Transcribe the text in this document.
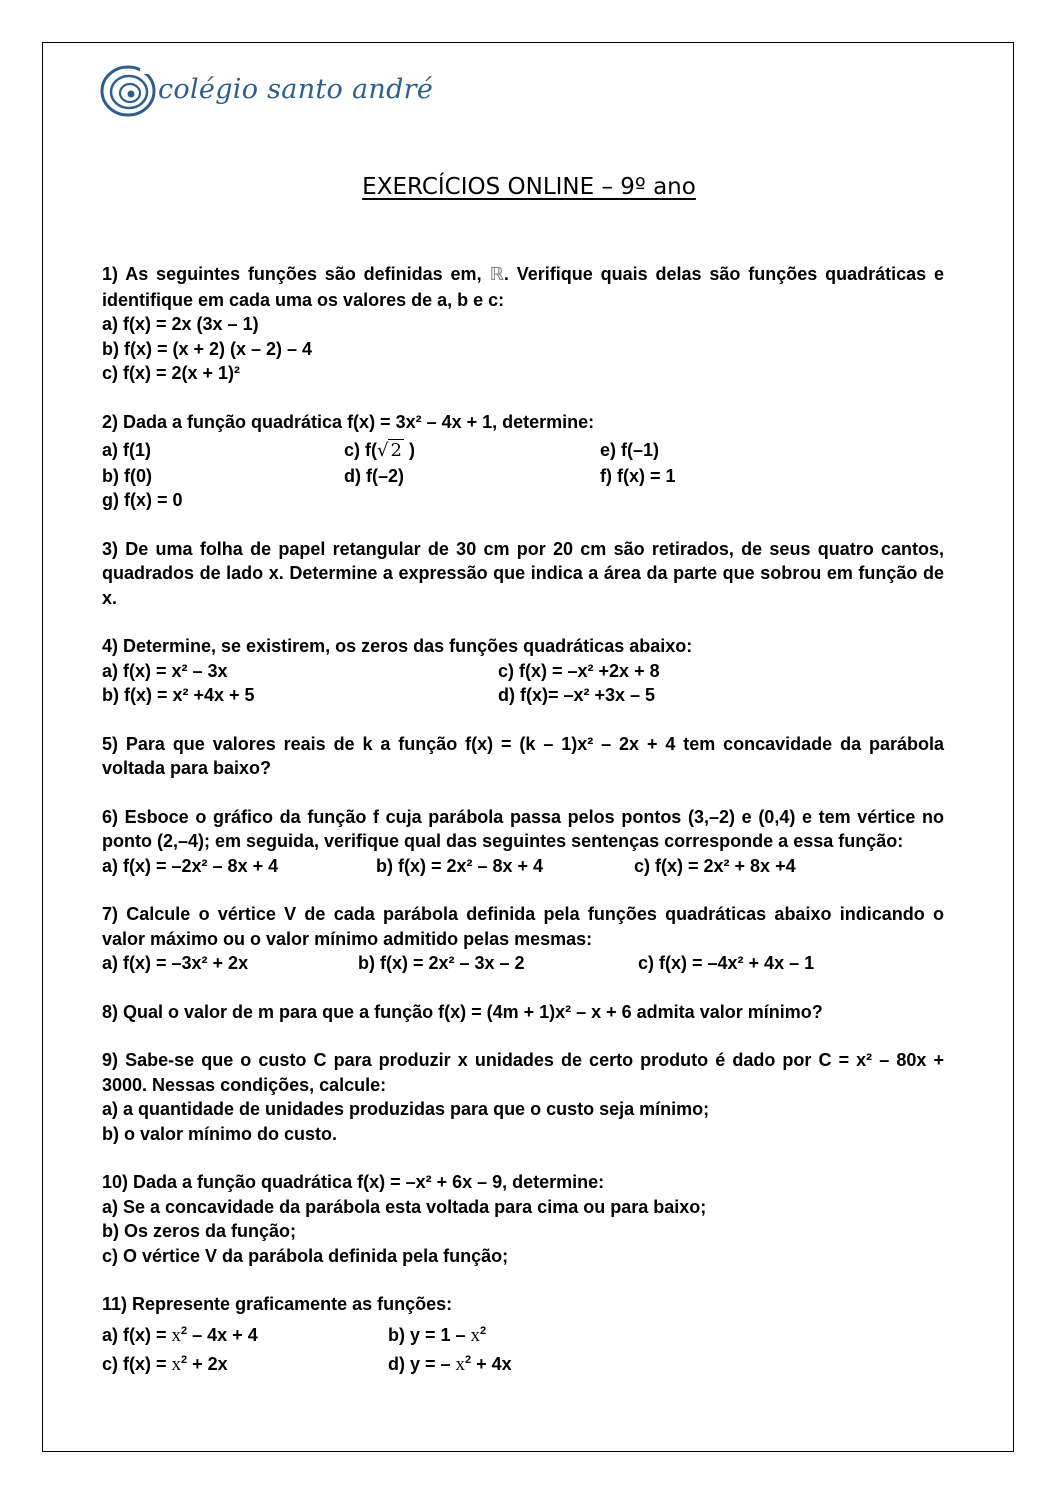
colégio santo andré
EXERCÍCIOS ONLINE – 9º ano
1) As seguintes funções são definidas em, ℝ. Verifique quais delas são funções quadráticas e identifique em cada uma os valores de a, b e c:
a) f(x) = 2x (3x – 1)
b) f(x) = (x + 2) (x – 2) – 4
c) f(x) = 2(x + 1)²
2) Dada a função quadrática f(x) = 3x² – 4x + 1, determine:
a) f(1)	c) f(√ 2 )	e) f(–1)
b) f(0)	d) f(–2)	f) f(x) = 1
g) f(x) = 0
3) De uma folha de papel retangular de 30 cm por 20 cm são retirados, de seus quatro cantos, quadrados de lado x. Determine a expressão que indica a área da parte que sobrou em função de x.
4) Determine, se existirem, os zeros das funções quadráticas abaixo:
a) f(x) = x² – 3x	c) f(x) = –x² +2x + 8
b) f(x) = x² +4x + 5	d) f(x)= –x² +3x – 5
5) Para que valores reais de k a função f(x) = (k – 1)x² – 2x + 4 tem concavidade da parábola voltada para baixo?
6) Esboce o gráfico da função f cuja parábola passa pelos pontos (3,–2) e (0,4) e tem vértice no ponto (2,–4); em seguida, verifique qual das seguintes sentenças corresponde a essa função:
a) f(x) = –2x² – 8x + 4	b) f(x) = 2x² – 8x + 4	c) f(x) = 2x² + 8x +4
7) Calcule o vértice V de cada parábola definida pela funções quadráticas abaixo indicando o valor máximo ou o valor mínimo admitido pelas mesmas:
a) f(x) = –3x² + 2x	b) f(x) = 2x² – 3x – 2	c) f(x) = –4x² + 4x – 1
8) Qual o valor de m para que a função f(x) = (4m + 1)x² – x + 6 admita valor mínimo?
9) Sabe-se que o custo C para produzir x unidades de certo produto é dado por C = x² – 80x + 3000. Nessas condições, calcule:
a) a quantidade de unidades produzidas para que o custo seja mínimo;
b) o valor mínimo do custo.
10) Dada a função quadrática f(x) = –x² + 6x – 9, determine:
a) Se a concavidade da parábola esta voltada para cima ou para baixo;
b) Os zeros da função;
c) O vértice V da parábola definida pela função;
11) Represente graficamente as funções:
a) $f(x) = x^2 - 4x + 4$	b) $y = 1 - x^2$
c) $f(x) = x^2 + 2x$	d) y = – $x^2 + 4x$
